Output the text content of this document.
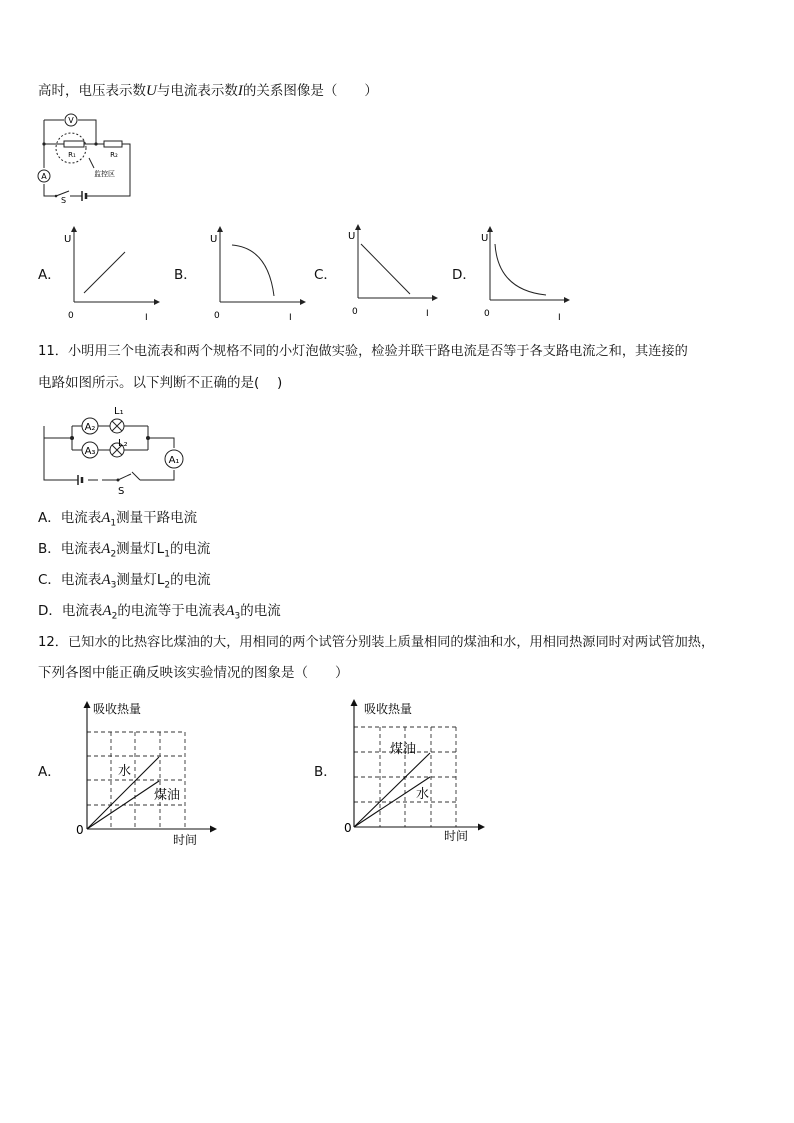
高时，电压表示数U与电流表示数I的关系图像是（　　）
V
A
R₁	R₂
监控区
S
A．
U
0	I
B．
U
0	I
C．
U
0	I
D．
U
0	I
11．小明用三个电流表和两个规格不同的小灯泡做实验，检验并联干路电流是否等于各支路电流之和，其连接的
电路如图所示。以下判断不正确的是(　 )
A₂
A₃
A₁
L₁
L₂
S
A．电流表$A_1$测量干路电流
B．电流表$A_2$测量灯$L_1$的电流
C．电流表$A_3$测量灯$L_2$的电流
D．电流表$A_2$的电流等于电流表$A_3$的电流
12．已知水的比热容比煤油的大，用相同的两个试管分别装上质量相同的煤油和水，用相同热源同时对两试管加热，
下列各图中能正确反映该实验情况的图象是（　　）
A．
吸收热量
水
煤油
0
时间
B．
吸收热量
煤油
水
0
时间
